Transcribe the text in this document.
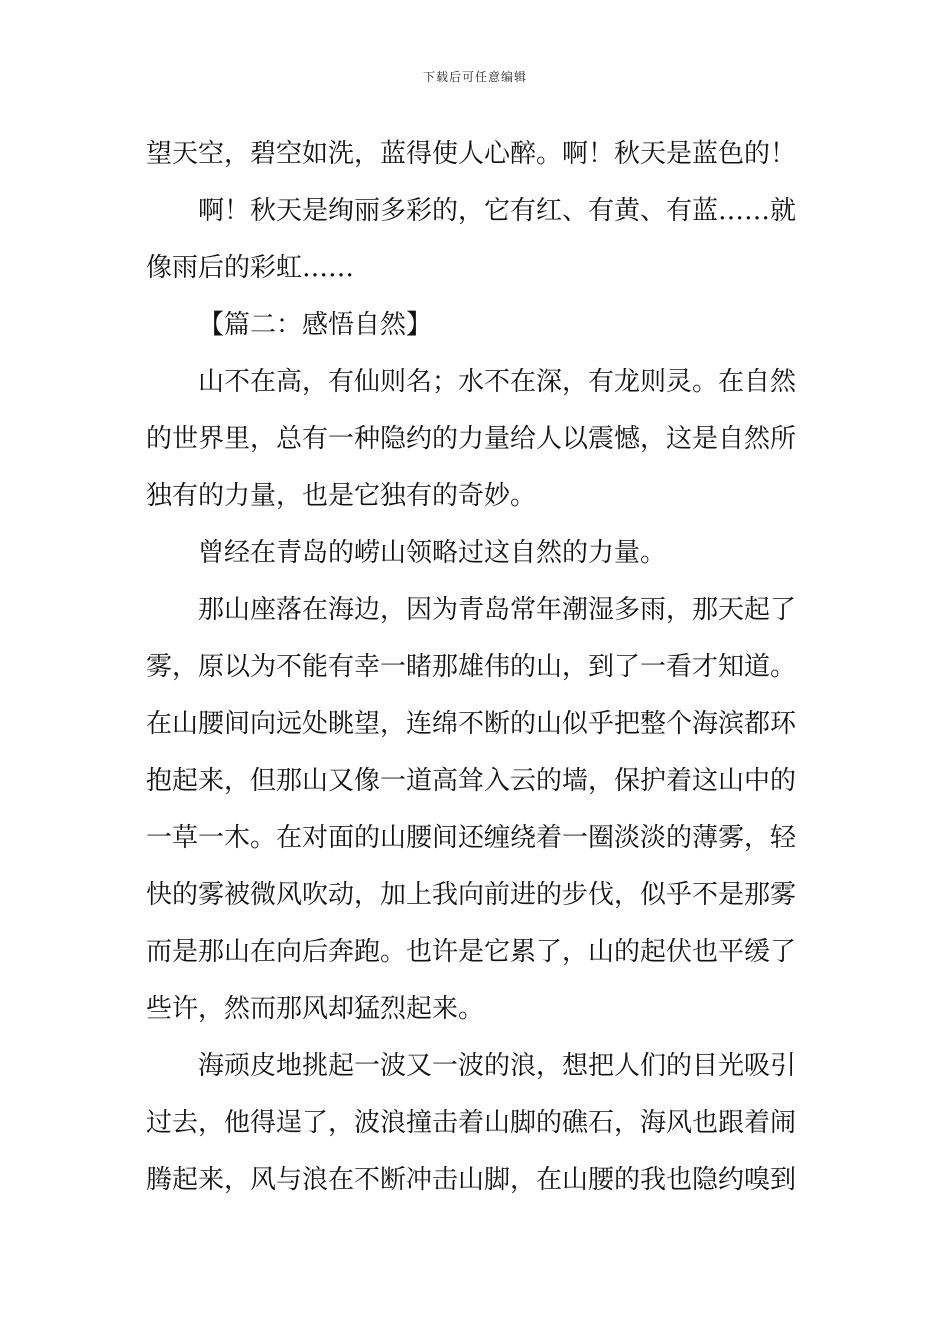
下载后可任意编辑
望天空，碧空如洗，蓝得使人心醉。啊！秋天是蓝色的！
啊！秋天是绚丽多彩的，它有红、有黄、有蓝……就
像雨后的彩虹……
【篇二：感悟自然】
山不在高，有仙则名；水不在深，有龙则灵。在自然
的世界里，总有一种隐约的力量给人以震憾，这是自然所
独有的力量，也是它独有的奇妙。
曾经在青岛的崂山领略过这自然的力量。
那山座落在海边，因为青岛常年潮湿多雨，那天起了
雾，原以为不能有幸一睹那雄伟的山，到了一看才知道。
在山腰间向远处眺望，连绵不断的山似乎把整个海滨都环
抱起来，但那山又像一道高耸入云的墙，保护着这山中的
一草一木。在对面的山腰间还缠绕着一圈淡淡的薄雾，轻
快的雾被微风吹动，加上我向前进的步伐，似乎不是那雾
而是那山在向后奔跑。也许是它累了，山的起伏也平缓了
些许，然而那风却猛烈起来。
海顽皮地挑起一波又一波的浪，想把人们的目光吸引
过去，他得逞了，波浪撞击着山脚的礁石，海风也跟着闹
腾起来，风与浪在不断冲击山脚，在山腰的我也隐约嗅到
